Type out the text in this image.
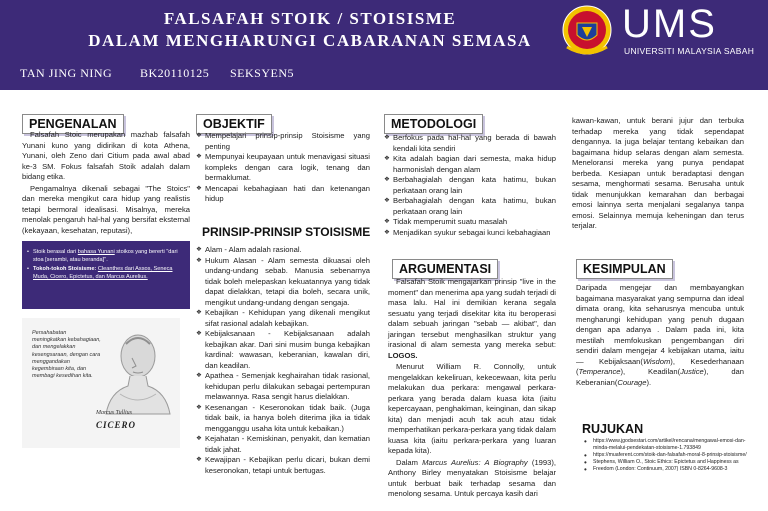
FALSAFAH STOIK / STOISISME
DALAM MENGHARUNGI CABARANAN SEMASA
TAN JING NING BK20110125 SEKSYEN5
UMS
UNIVERSITI MALAYSIA SABAH
PENGENALAN

Falsafah Stoic merupakan mazhab falsafah Yunani kuno yang didirikan di kota Athena, Yunani, oleh Zeno dari Citium pada awal abad ke-3 SM. Fokus falsafah Stoik adalah dalam bidang etika.

Pengamalnya dikenali sebagai "The Stoics" dan mereka mengikut cara hidup yang realistis tetapi bermoral idealisasi. Misalnya, mereka menolak pengaruh hal-hal yang bersifat eksternal (kekayaan, kesehatan, reputasi),

• Stoik berasal dari bahasa Yunani stoikos yang bererti "dari stoa [serambi, atau beranda]".
• Tokoh-tokoh Stoisisme: Cleanthes dari Assos, Seneca Muda, Cicero, Epictetus, dan Marcus Aurelius.
Persahabatan meningkatkan kebahagiaan, dan mengelakkan kesengsaraan, dengan cara menggandakan kegembiraan kita, dan membagi kesedihan kita.
Marcus Tullius
CICERO
OBJEKTIF
❖ Mempelajari prinsip-prinsip Stoisisme yang penting
❖ Mempunyai keupayaan untuk menavigasi situasi kompleks dengan cara logik, tenang dan bermaklumat.
❖ Mencapai kebahagiaan hati dan ketenangan hidup
PRINSIP-PRINSIP STOISISME
❖ Alam - Alam adalah rasional.
❖ Hukum Alasan - Alam semesta dikuasai oleh undang-undang sebab. Manusia sebenarnya tidak boleh melepaskan kekuatannya yang tidak dapat dielakkan, tetapi dia boleh, secara unik, mengikut undang-undang dengan sengaja.
❖ Kebajikan - Kehidupan yang dikenali mengikut sifat rasional adalah kebajikan.
❖ Kebijaksanaan - Kebijaksanaan adalah kebajikan akar. Dari sini musim bunga kebajikan kardinal: wawasan, keberanian, kawalan diri, dan keadilan.
❖ Apathea - Semenjak keghairahan tidak rasional, kehidupan perlu dilakukan sebagai pertempuran melawannya. Rasa sengit harus dielakkan.
❖ Kesenangan - Keseronokan tidak baik. (Juga tidak baik, ia hanya boleh diterima jika ia tidak mengganggu usaha kita untuk kebaikan.)
❖ Kejahatan - Kemiskinan, penyakit, dan kematian tidak jahat.
❖ Kewajipan - Kebajikan perlu dicari, bukan demi keseronokan, tetapi untuk bertugas.
METODOLOGI
❖ Berfokus pada hal-hal yang berada di bawah kendali kita sendiri
❖ Kita adalah bagian dari semesta, maka hidup harmonislah dengan alam
❖ Berbahagialah dengan kata hatimu, bukan perkataan orang lain
❖ Berbahagialah dengan kata hatimu, bukan perkataan orang lain
❖ Tidak memperumit suatu masalah
❖ Menjadikan syukur sebagai kunci kebahagiaan
ARGUMENTASI

Falsafah Stoik mengajarkan prinsip "live in the moment" dan menerima apa yang sudah terjadi di masa lalu. Hal ini demikian kerana segala sesuatu yang terjadi disekitar kita itu beroperasi dalam sebuah jaringan "sebab — akibat", dan jaringan tersebut menghasilkan struktur yang irasional di alam semesta yang mereka sebut: LOGOS.

Menurut William R. Connolly, untuk mengelakkan kekeliruan, kekecewaan, kita perlu melakukan dua perkara: mengawal perkara-perkara yang berada dalam kuasa kita (iaitu kepercayaan, penghakiman, keinginan, dan sikap kita) dan menjadi acuh tak acuh atau tidak memperhatikan perkara-perkara yang tidak dalam kuasa kita (iaitu perkara-perkara yang luaran kepada kita).

Dalam Marcus Aurelius: A Biography (1993), Anthony Birley menyatakan Stoisisme belajar untuk berbuat baik terhadap sesama dan menolong sesama. Untuk percaya kasih dari

kawan-kawan, untuk berani jujur dan terbuka terhadap mereka yang tidak sependapat dengannya. Ia juga belajar tentang kebaikan dan bagaimana hidup selaras dengan alam semesta. Meneloransi mereka yang punya pendapat berbeda. Kesiapan untuk beradaptasi dengan sesama, menghormati sesama. Berusaha untuk tidak menunjukkan kemarahan dan berbagai emosi lainnya serta menjalani segalanya tanpa emosi. Selainnya memuja keheningan dan terus terjalar.

KESIMPULAN

Daripada mengejar dan membayangkan bagaimana masyarakat yang sempurna dan ideal dimata orang, kita seharusnya mencuba untuk mengharungi kehidupan yang penuh dugaan dengan apa adanya . Dalam pada ini, kita mestilah memfokuskan pengembangan diri sendiri dalam mengejar 4 kebijakan utama, iaitu — Kebijaksaan(Wisdom), Kesederhanaan (Temperance), Keadilan(Justice), dan Keberanian(Courage).

RUJUKAN
• https://www.jgodsestari.com/artikel/rencana/mengawal-emosi-dan-minda-melalui-pendekatan-stoisisme-1.793849
• https://muaferent.com/stoik-dan-falsafah-moral-8-prinsip-stoisisme/
• Stephens, William O., Stoic Ethics: Epictetus and Happiness as
• Freedom (London: Continuum, 2007) ISBN 0-8264-9608-3
